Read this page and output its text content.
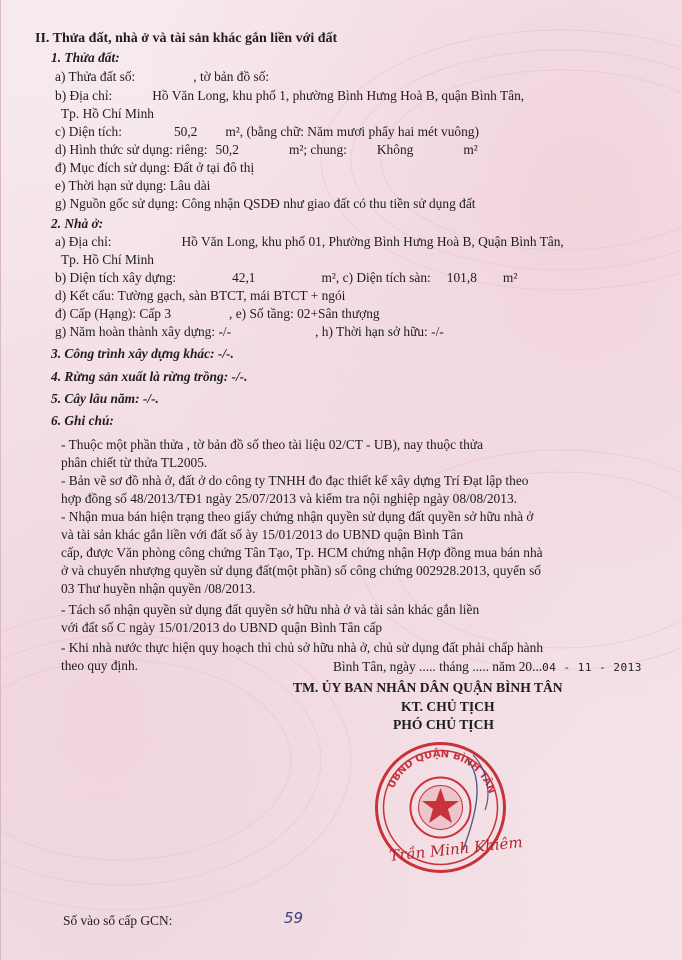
II. Thửa đất, nhà ở và tài sản khác gắn liền với đất
1. Thửa đất:
a) Thửa đất số:	, tờ bản đồ số:
b) Địa chỉ:	Hồ Văn Long, khu phố 1, phường Bình Hưng Hoà B, quận Bình Tân,
Tp. Hồ Chí Minh
c) Diện tích:	50,2 m², (bằng chữ: Năm mươi phẩy hai mét vuông)
d) Hình thức sử dụng: riêng: 50,2	m²; chung: Không	m²
đ) Mục đích sử dụng: Đất ở tại đô thị
e) Thời hạn sử dụng: Lâu dài
g) Nguồn gốc sử dụng: Công nhận QSDĐ như giao đất có thu tiền sử dụng đất
2. Nhà ở:
a) Địa chỉ:	Hồ Văn Long, khu phố 01, Phường Bình Hưng Hoà B, Quận Bình Tân,
Tp. Hồ Chí Minh
b) Diện tích xây dựng:	42,1	m², c) Diện tích sàn: 101,8 m²
d) Kết cấu: Tường gạch, sàn BTCT, mái BTCT + ngói
đ) Cấp (Hạng): Cấp 3	, e) Số tầng: 02+Sân thượng
g) Năm hoàn thành xây dựng: -/-	, h) Thời hạn sở hữu: -/-
3. Công trình xây dựng khác: -/-.
4. Rừng sản xuất là rừng trồng: -/-.
5. Cây lâu năm: -/-.
6. Ghi chú:
- Thuộc một phần thửa , tờ bản đồ số theo tài liệu 02/CT - UB), nay thuộc thửa
phân chiết từ thửa TL2005.
- Bản vẽ sơ đồ nhà ở, đất ở do công ty TNHH đo đạc thiết kế xây dựng Trí Đạt lập theo
hợp đồng số 48/2013/TĐ1 ngày 25/07/2013 và kiểm tra nội nghiệp ngày 08/08/2013.
- Nhận mua bán hiện trạng theo giấy chứng nhận quyền sử dụng đất quyền sở hữu nhà ở
và tài sản khác gắn liền với đất số ày 15/01/2013 do UBND quận Bình Tân
cấp, được Văn phòng công chứng Tân Tạo, Tp. HCM chứng nhận Hợp đồng mua bán nhà
ở và chuyển nhượng quyền sử dụng đất(một phần) số công chứng 002928.2013, quyển số
03 Thư huyền nhận quyền /08/2013.
- Tách sổ nhận quyền sử dụng đất quyền sở hữu nhà ở và tài sản khác gắn liền
với đất số C ngày 15/01/2013 do UBND quận Bình Tân cấp
- Khi nhà nước thực hiện quy hoạch thì chủ sở hữu nhà ở, chủ sử dụng đất phải chấp hành
theo quy định.	Bình Tân, ngày ..... tháng ..... năm 20...04 - 11 - 2013
TM. ỦY BAN NHÂN DÂN QUẬN BÌNH TÂN
KT. CHỦ TỊCH
PHÓ CHỦ TỊCH
UBND QUẬN BÌNH TÂN
Trần Minh Khiêm
Số vào sổ cấp GCN:	59
